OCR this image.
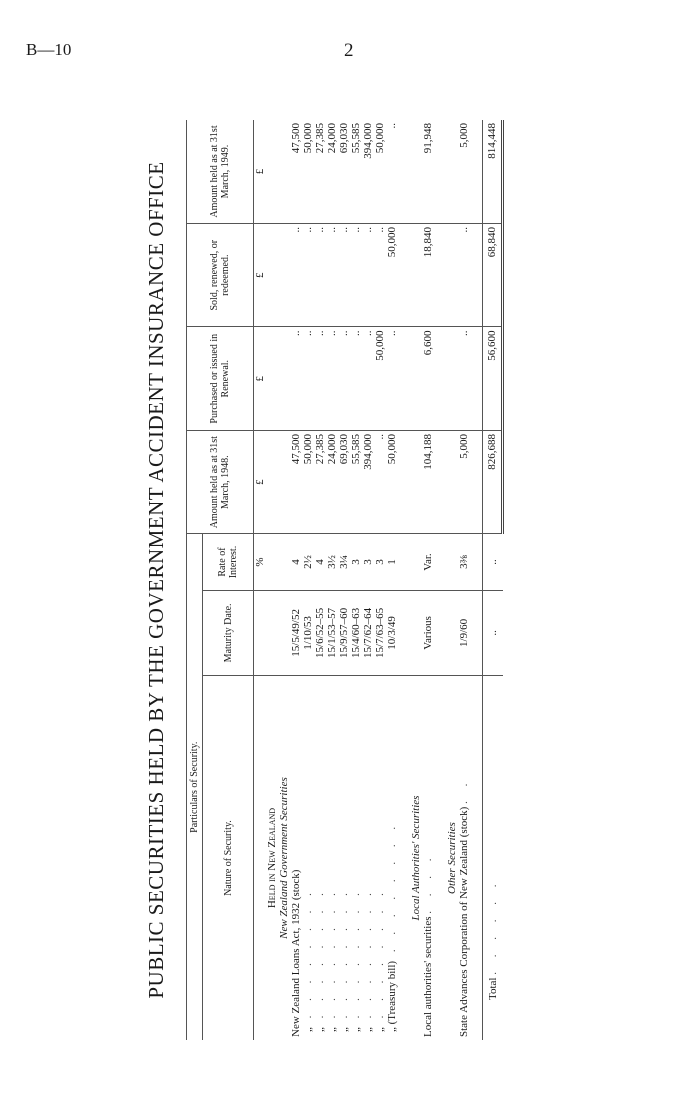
B—10	2
PUBLIC SECURITIES HELD BY THE GOVERNMENT ACCIDENT INSURANCE OFFICE Particulars of Security.			Amount held as at 31st March, 1948.	Purchased or issued in Renewal.	Sold, renewed, or redeemed.	Amount held as at 31st March, 1949.
Nature of Security.	Maturity Date.	Rate of Interest.				
		%	£	£	£	£
Held in New Zealand						
New Zealand Government Securities						
New Zealand Loans Act, 1932 (stock)	15/5/49/52	4	47,500	..	..	47,500
„ . . . . . . . .	1/10/53	2½	50,000	..	..	50,000
„ . . . . . . . .	15/6/52–55	4	27,385	..	..	27,385
„ . . . . . . . .	15/1/53–57	3½	24,000	..	..	24,000
„ . . . . . . . .	15/9/57–60	3¼	69,030	..	..	69,030
„ . . . . . . . .	15/4/60–63	3	55,585	..	..	55,585
„ . . . . . . . .	15/7/62–64	3	394,000	..	..	394,000
„ . . . . . . . .	15/7/63–65	3	..	50,000	..	50,000
„ (Treasury bill) . . . . . . . .	10/3/49	1	50,000	..	50,000	..

Local Authorities' Securities						
Local authorities' securities . . . .	Various	Var.	104,188	6,600	18,840	91,948

Other Securities						
State Advances Corporation of New Zealand (stock) . .	1/9/60	3⅜	5,000	..	..	5,000

Total . . . . . .	..	..	826,688	56,600	68,840	814,448
